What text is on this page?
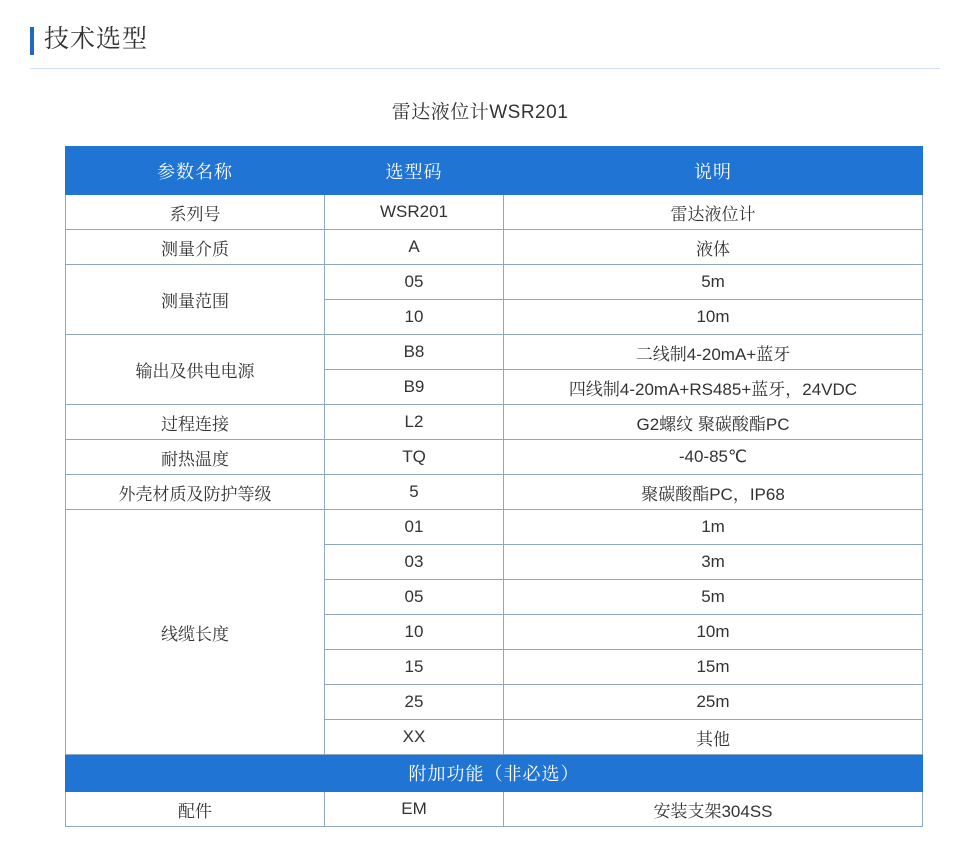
技术选型
雷达液位计WSR201
参数名称	选型码	说明
系列号	WSR201	雷达液位计
测量介质	A	液体
测量范围	05	5m
	10	10m
输出及供电电源	B8	二线制4-20mA+蓝牙
	B9	四线制4-20mA+RS485+蓝牙，24VDC
过程连接	L2	G2螺纹 聚碳酸酯PC
耐热温度	TQ	-40-85℃
外壳材质及防护等级	5	聚碳酸酯PC，IP68
线缆长度	01	1m
	03	3m
	05	5m
	10	10m
	15	15m
	25	25m
	XX	其他
附加功能（非必选）		
配件	EM	安装支架304SS
